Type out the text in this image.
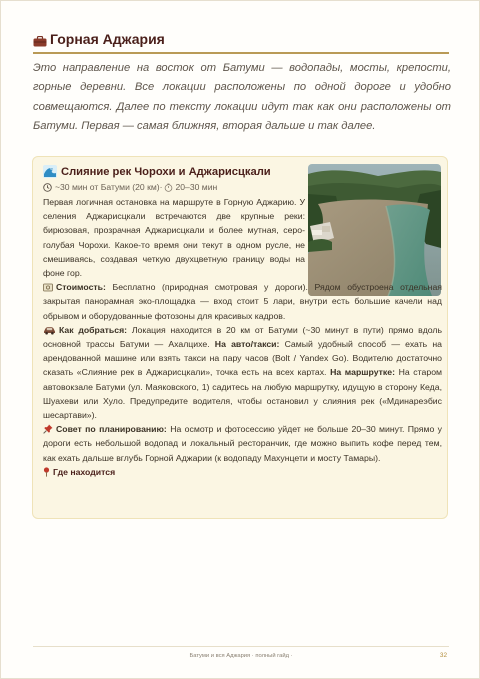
Горная Аджария

Это направление на восток от Батуми — водопады, мосты, крепости, горные деревни. Все локации расположены по одной дороге и удобно совмещаются. Далее по тексту локации идут так как они расположены от Батуми. Первая — самая ближняя, вторая дальше и так далее.

Слияние рек Чорохи и Аджарисцкали
~30 мин от Батуми (20 км) · 20–30 мин

Первая логичная остановка на маршруте в Горную Аджарию. У селения Аджарисцкали встречаются две крупные реки: бирюзовая, прозрачная Аджарисцкали и более мутная, серо-голубая Чорохи. Какое-то время они текут в одном русле, не смешиваясь, создавая четкую двухцветную границу воды на фоне гор.

Стоимость: Бесплатно (природная смотровая у дороги). Рядом обустроена отдельная закрытая панорамная эко-площадка — вход стоит 5 лари, внутри есть большие качели над обрывом и оборудованные фотозоны для красивых кадров.

Как добраться: Локация находится в 20 км от Батуми (~30 минут в пути) прямо вдоль основной трассы Батуми — Ахалцихе. На авто/такси: Самый удобный способ — ехать на арендованной машине или взять такси на пару часов (Bolt / Yandex Go). Водителю достаточно сказать «Слияние рек в Аджарисцкали», точка есть на всех картах. На маршрутке: На старом автовокзале Батуми (ул. Маяковского, 1) садитесь на любую маршрутку, идущую в сторону Кеда, Шуахеви или Хуло. Предупредите водителя, чтобы остановил у слияния рек («Мдинареэбис шесартави»).

Совет по планированию: На осмотр и фотосессию уйдет не больше 20–30 минут. Прямо у дороги есть небольшой водопад и локальный ресторанчик, где можно выпить кофе перед тем, как ехать дальше вглубь Горной Аджарии (к водопаду Махунцети и мосту Тамары).

Где находится
Батуми и вся Аджария · полный гайд ·	32
